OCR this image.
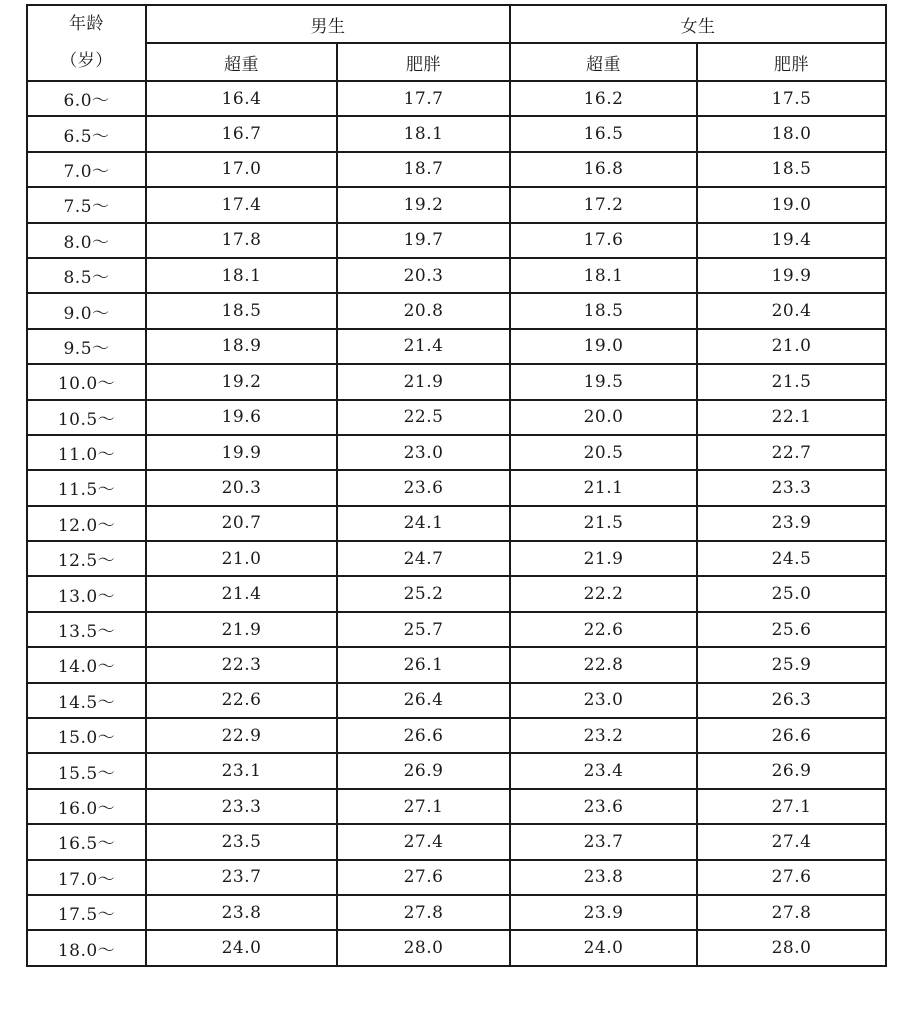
年龄
（岁）	男生		女生	
	超重	肥胖	超重	肥胖
6.0～	16.4	17.7	16.2	17.5
6.5～	16.7	18.1	16.5	18.0
7.0～	17.0	18.7	16.8	18.5
7.5～	17.4	19.2	17.2	19.0
8.0～	17.8	19.7	17.6	19.4
8.5～	18.1	20.3	18.1	19.9
9.0～	18.5	20.8	18.5	20.4
9.5～	18.9	21.4	19.0	21.0
10.0～	19.2	21.9	19.5	21.5
10.5～	19.6	22.5	20.0	22.1
11.0～	19.9	23.0	20.5	22.7
11.5～	20.3	23.6	21.1	23.3
12.0～	20.7	24.1	21.5	23.9
12.5～	21.0	24.7	21.9	24.5
13.0～	21.4	25.2	22.2	25.0
13.5～	21.9	25.7	22.6	25.6
14.0～	22.3	26.1	22.8	25.9
14.5～	22.6	26.4	23.0	26.3
15.0～	22.9	26.6	23.2	26.6
15.5～	23.1	26.9	23.4	26.9
16.0～	23.3	27.1	23.6	27.1
16.5～	23.5	27.4	23.7	27.4
17.0～	23.7	27.6	23.8	27.6
17.5～	23.8	27.8	23.9	27.8
18.0～	24.0	28.0	24.0	28.0
